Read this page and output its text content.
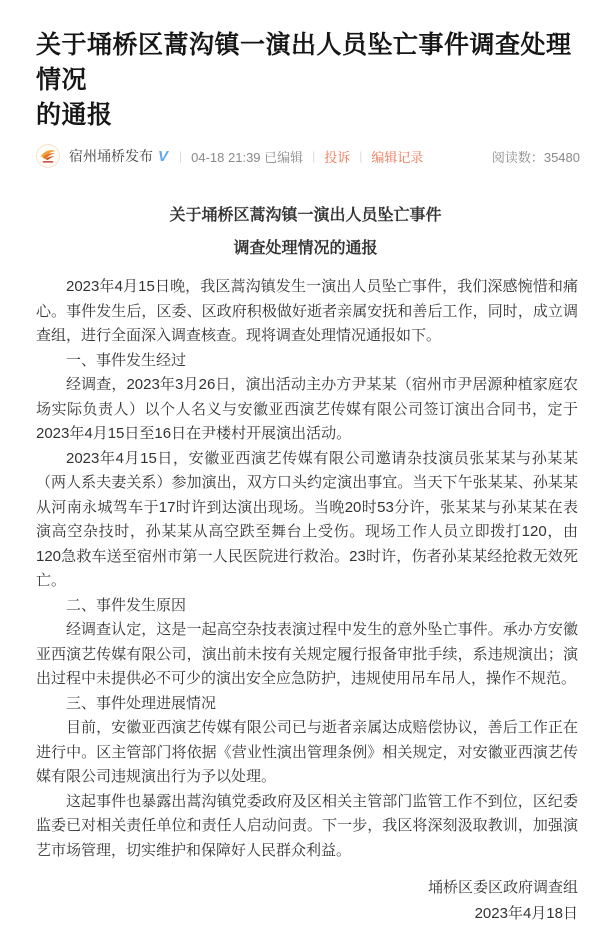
关于埇桥区蒿沟镇一演出人员坠亡事件调查处理情况
的通报
宿州埇桥发布 V | 04-18 21:39 已编辑 | 投诉 | 编辑记录	阅读数：35480
关于埇桥区蒿沟镇一演出人员坠亡事件
调查处理情况的通报

2023年4月15日晚，我区蒿沟镇发生一演出人员坠亡事件，我们深感惋惜和痛心。事件发生后，区委、区政府积极做好逝者亲属安抚和善后工作，同时，成立调查组，进行全面深入调查核查。现将调查处理情况通报如下。

一、事件发生经过

经调查，2023年3月26日，演出活动主办方尹某某（宿州市尹居源种植家庭农场实际负责人）以个人名义与安徽亚西演艺传媒有限公司签订演出合同书，定于2023年4月15日至16日在尹楼村开展演出活动。

2023年4月15日，安徽亚西演艺传媒有限公司邀请杂技演员张某某与孙某某（两人系夫妻关系）参加演出，双方口头约定演出事宜。当天下午张某某、孙某某从河南永城驾车于17时许到达演出现场。当晚20时53分许，张某某与孙某某在表演高空杂技时，孙某某从高空跌至舞台上受伤。现场工作人员立即拨打120，由120急救车送至宿州市第一人民医院进行救治。23时许，伤者孙某某经抢救无效死亡。

二、事件发生原因

经调查认定，这是一起高空杂技表演过程中发生的意外坠亡事件。承办方安徽亚西演艺传媒有限公司，演出前未按有关规定履行报备审批手续，系违规演出；演出过程中未提供必不可少的演出安全应急防护，违规使用吊车吊人，操作不规范。

三、事件处理进展情况

目前，安徽亚西演艺传媒有限公司已与逝者亲属达成赔偿协议，善后工作正在进行中。区主管部门将依据《营业性演出管理条例》相关规定，对安徽亚西演艺传媒有限公司违规演出行为予以处理。

这起事件也暴露出蒿沟镇党委政府及区相关主管部门监管工作不到位，区纪委监委已对相关责任单位和责任人启动问责。下一步，我区将深刻汲取教训，加强演艺市场管理，切实维护和保障好人民群众利益。

埇桥区委区政府调查组
2023年4月18日
